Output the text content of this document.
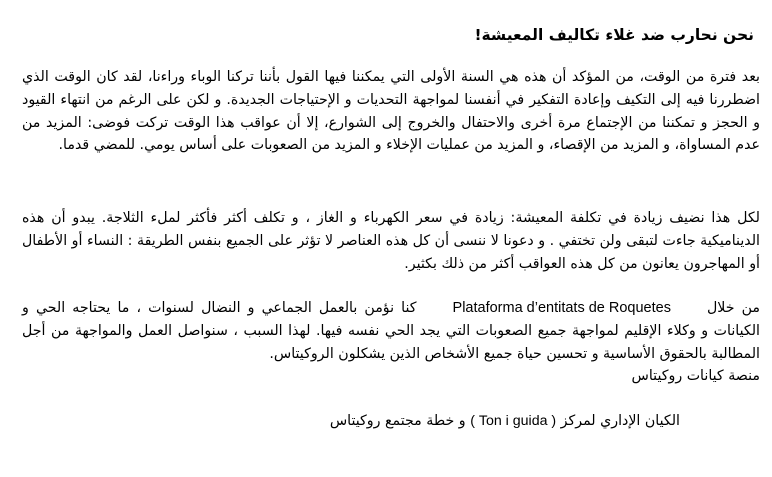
نحن نحارب ضد غلاء تكاليف المعيشة!

بعد فترة من الوقت، من المؤكد أن هذه هي السنة الأولى التي يمكننا فيها القول بأننا تركنا الوباء وراءنا، لقد كان الوقت الذي اضطررنا فيه إلى التكيف وإعادة التفكير في أنفسنا لمواجهة التحديات و الإحتياجات الجديدة. و لكن على الرغم من انتهاء القيود و الحجز و تمكننا من الإجتماع مرة أخرى والاحتفال والخروج إلى الشوارع، إلا أن عواقب هذا الوقت تركت فوضى: المزيد من عدم المساواة، و المزيد من الإقصاء، و المزيد من عمليات الإخلاء و المزيد من الصعوبات على أساس يومي. للمضي قدما.

لكل هذا نضيف زيادة في تكلفة المعيشة: زيادة في سعر الكهرباء و الغاز ، و تكلف أكثر فأكثر لملء الثلاجة. يبدو أن هذه الديناميكية جاءت لتبقى ولن تختفي . و دعونا لا ننسى أن كل هذه العناصر لا تؤثر على الجميع بنفس الطريقة : النساء أو الأطفال أو المهاجرون يعانون من كل هذه العواقب أكثر من ذلك بكثير.

من خلالPlataforma d’entitats de Roquetesكنا نؤمن بالعمل الجماعي و النضال لسنوات ، ما يحتاجه الحي و الكيانات و وكلاء الإقليم لمواجهة جميع الصعوبات التي يجد الحي نفسه فيها. لهذا السبب ، سنواصل العمل والمواجهة من أجل المطالبة بالحقوق الأساسية و تحسين حياة جميع الأشخاص الذين يشكلون الروكيتاس.
منصة كيانات روكيتاس

الكيان الإداري لمركز ( Ton i guida ) و خطة مجتمع روكيتاس
